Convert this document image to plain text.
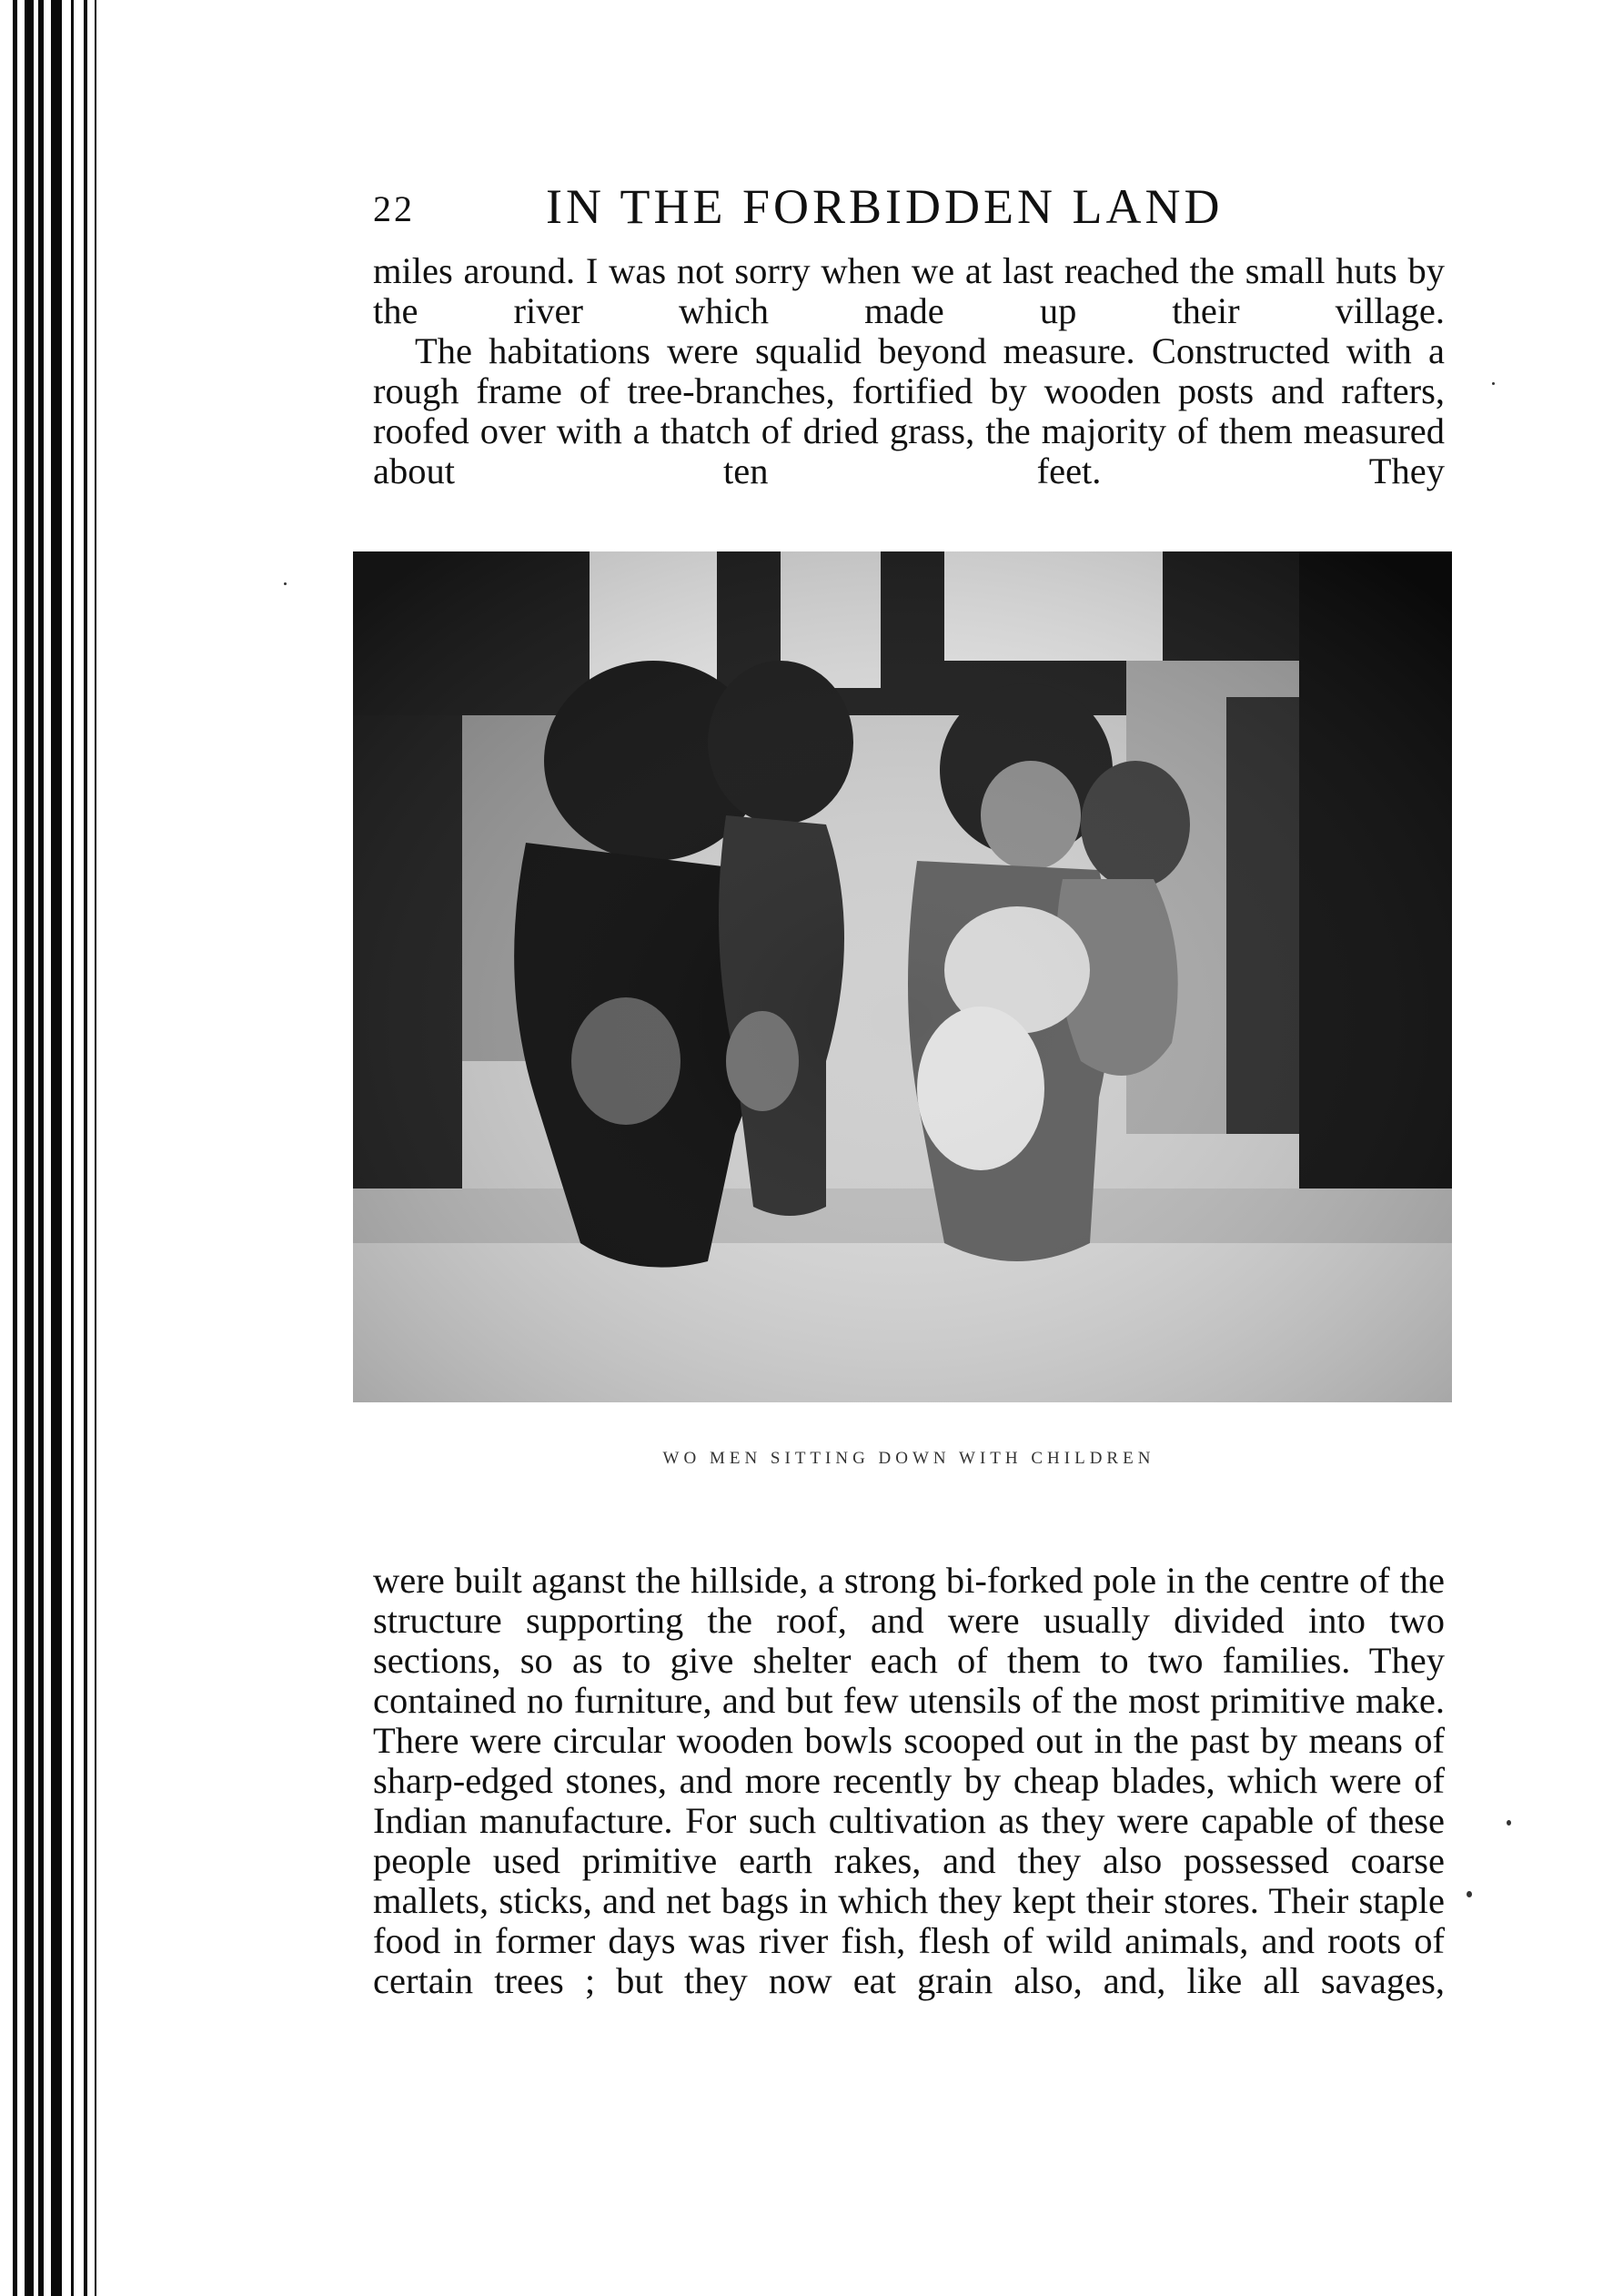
22	IN THE FORBIDDEN LAND

miles around. I was not sorry when we at last reached the small huts by the river which made up their village.

The habitations were squalid beyond measure. Constructed with a rough frame of tree-branches, fortified by wooden posts and rafters, roofed over with a thatch of dried grass, the majority of them measured about ten feet. They

WO MEN SITTING DOWN WITH CHILDREN

were built aganst the hillside, a strong bi-forked pole in the centre of the structure supporting the roof, and were usually divided into two sections, so as to give shelter each of them to two families. They contained no furniture, and but few utensils of the most primitive make. There were circular wooden bowls scooped out in the past by means of sharp-edged stones, and more recently by cheap blades, which were of Indian manufacture. For such cultivation as they were capable of these people used primitive earth rakes, and they also possessed coarse mallets, sticks, and net bags in which they kept their stores. Their staple food in former days was river fish, flesh of wild animals, and roots of certain trees ; but they now eat grain also, and, like all savages,
